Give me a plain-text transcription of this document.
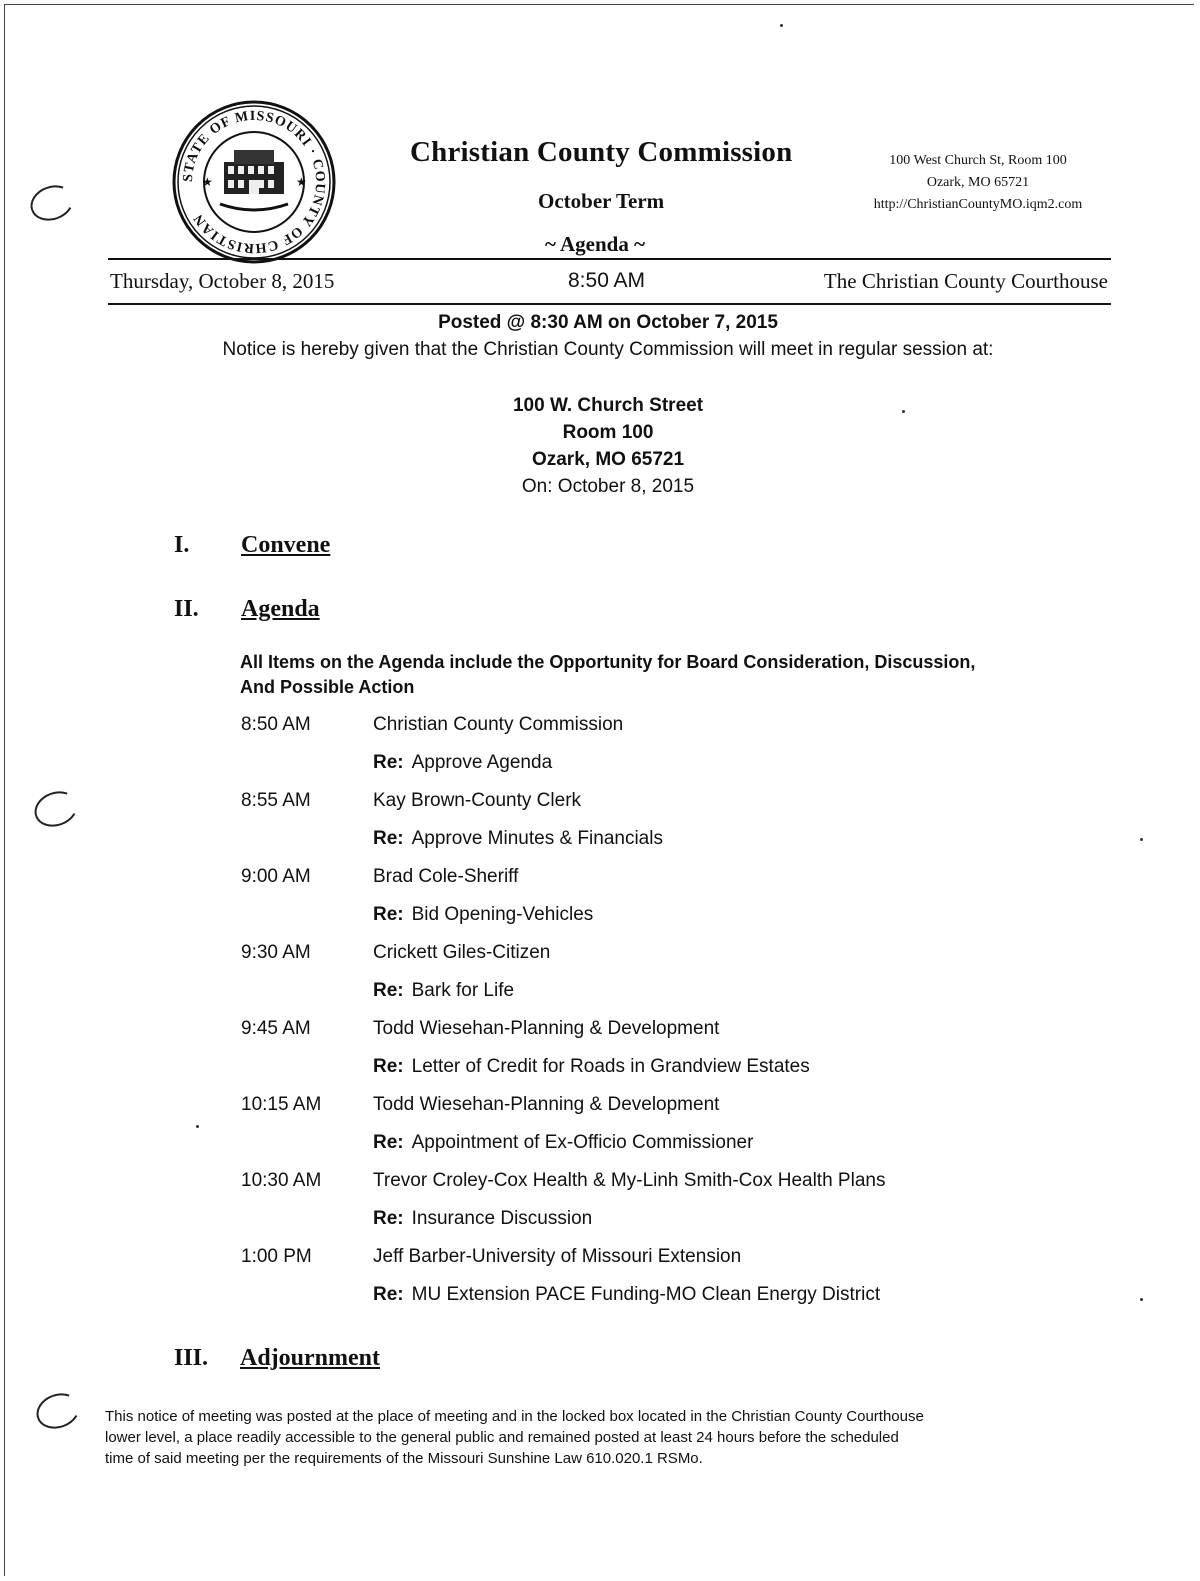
STATE OF MISSOURI · COUNTY OF CHRISTIAN
★	★
Christian County Commission
October Term
~ Agenda ~
100 West Church St, Room 100
Ozark, MO 65721
http://ChristianCountyMO.iqm2.com
Thursday, October 8, 2015	8:50 AM	The Christian County Courthouse
Posted @ 8:30 AM on October 7, 2015
Notice is hereby given that the Christian County Commission will meet in regular session at:
100 W. Church Street
Room 100
Ozark, MO 65721
On: October 8, 2015
I. Convene
II. Agenda
All Items on the Agenda include the Opportunity for Board Consideration, Discussion,
And Possible Action
8:50 AM	Christian County Commission
Re: Approve Agenda
8:55 AM	Kay Brown-County Clerk
Re: Approve Minutes & Financials
9:00 AM	Brad Cole-Sheriff
Re: Bid Opening-Vehicles
9:30 AM	Crickett Giles-Citizen
Re: Bark for Life
9:45 AM	Todd Wiesehan-Planning & Development
Re: Letter of Credit for Roads in Grandview Estates
10:15 AM	Todd Wiesehan-Planning & Development
Re: Appointment of Ex-Officio Commissioner
10:30 AM	Trevor Croley-Cox Health & My-Linh Smith-Cox Health Plans
Re: Insurance Discussion
1:00 PM	Jeff Barber-University of Missouri Extension
Re: MU Extension PACE Funding-MO Clean Energy District
III. Adjournment
This notice of meeting was posted at the place of meeting and in the locked box located in the Christian County Courthouse
lower level, a place readily accessible to the general public and remained posted at least 24 hours before the scheduled
time of said meeting per the requirements of the Missouri Sunshine Law 610.020.1 RSMo.
